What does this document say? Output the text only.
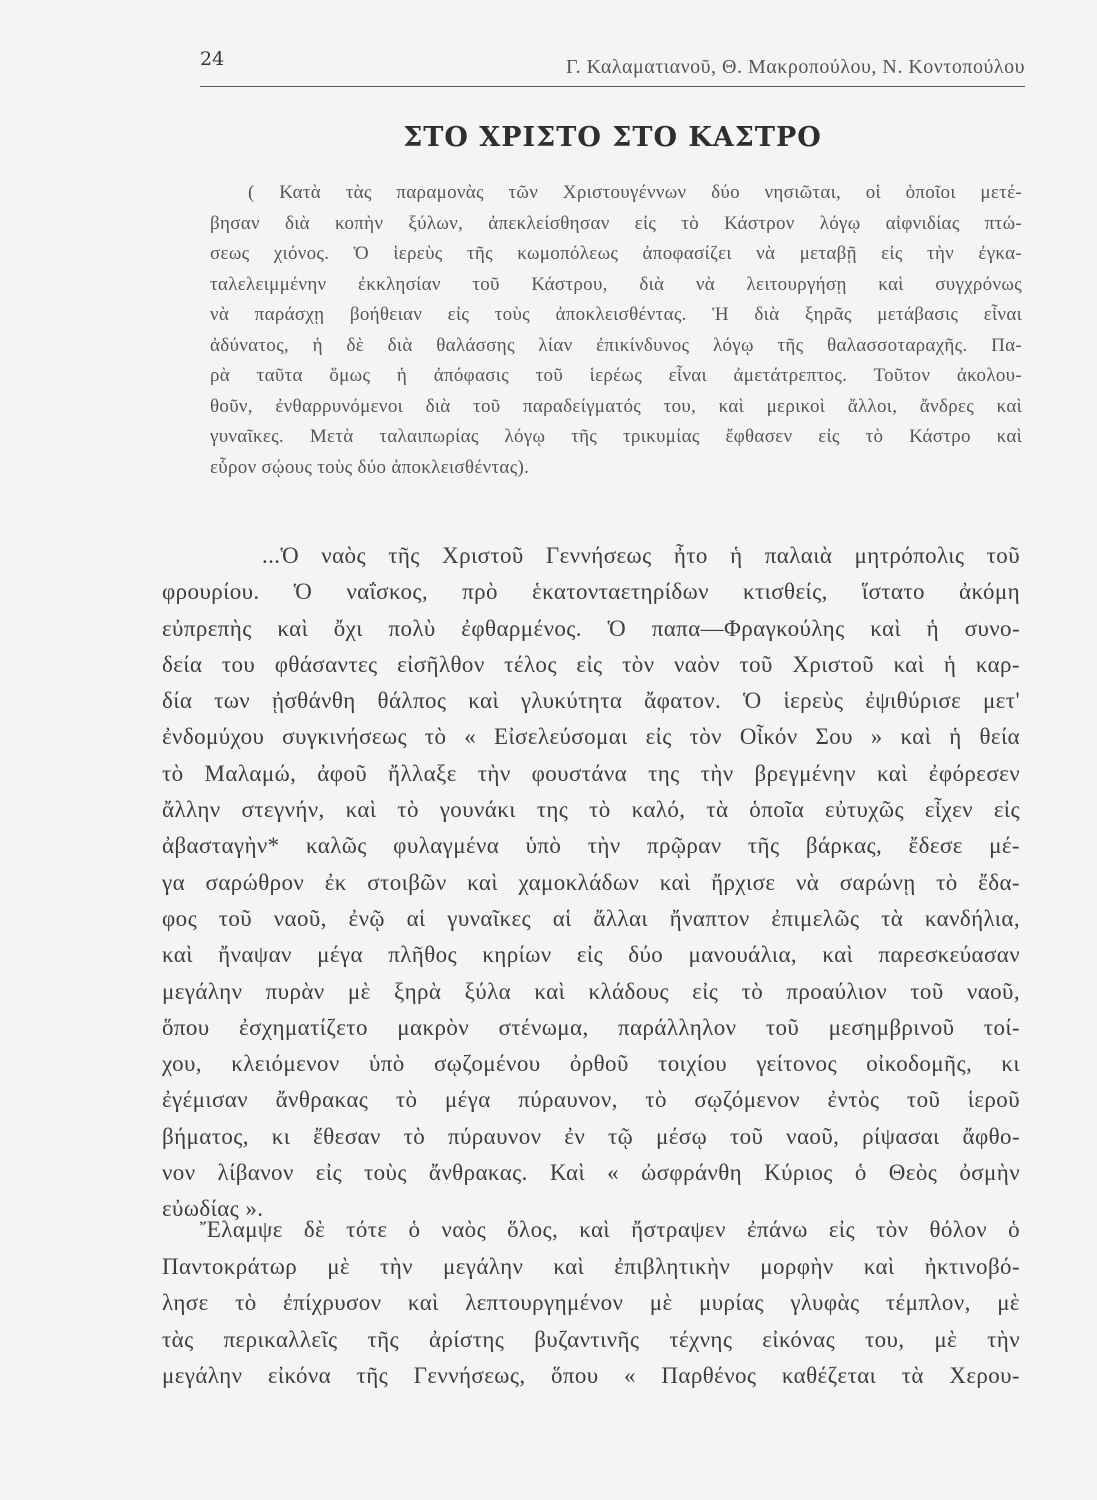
24	Γ. Καλαματιανοῦ, Θ. Μακροπούλου, Ν. Κοντοπούλου
ΣΤΟ ΧΡΙΣΤΟ ΣΤΟ ΚΑΣΤΡΟ
( Κατὰ τὰς παραμονὰς τῶν Χριστουγέννων δύο νησιῶται, οἱ ὁποῖοι μετέ-
βησαν διὰ κοπὴν ξύλων, ἀπεκλείσθησαν εἰς τὸ Κάστρον λόγῳ αἰφνιδίας πτώ-
σεως χιόνος. Ὁ ἱερεὺς τῆς κωμοπόλεως ἀποφασίζει νὰ μεταβῇ εἰς τὴν ἐγκα-
ταλελειμμένην ἐκκλησίαν τοῦ Κάστρου, διὰ νὰ λειτουργήσῃ καὶ συγχρόνως
νὰ παράσχῃ βοήθειαν εἰς τοὺς ἀποκλεισθέντας. Ἡ διὰ ξηρᾶς μετάβασις εἶναι
ἀδύνατος, ἡ δὲ διὰ θαλάσσης λίαν ἐπικίνδυνος λόγῳ τῆς θαλασσοταραχῆς. Πα-
ρὰ ταῦτα ὅμως ἡ ἀπόφασις τοῦ ἱερέως εἶναι ἀμετάτρεπτος. Τοῦτον ἀκολου-
θοῦν, ἐνθαρρυνόμενοι διὰ τοῦ παραδείγματός του, καὶ μερικοὶ ἄλλοι, ἄνδρες καὶ
γυναῖκες. Μετὰ ταλαιπωρίας λόγῳ τῆς τρικυμίας ἔφθασεν εἰς τὸ Κάστρο καὶ
εὗρον σῴους τοὺς δύο ἀποκλεισθέντας).
...Ὁ ναὸς τῆς Χριστοῦ Γεννήσεως ἦτο ἡ παλαιὰ μητρόπολις τοῦ
φρουρίου. Ὁ ναΐσκος, πρὸ ἑκατονταετηρίδων κτισθείς, ἵστατο ἀκόμη
εὐπρεπὴς καὶ ὄχι πολὺ ἐφθαρμένος. Ὁ παπα—Φραγκούλης καὶ ἡ συνο-
δεία του φθάσαντες εἰσῆλθον τέλος εἰς τὸν ναὸν τοῦ Χριστοῦ καὶ ἡ καρ-
δία των ᾐσθάνθη θάλπος καὶ γλυκύτητα ἄφατον. Ὁ ἱερεὺς ἐψιθύρισε μετ'
ἐνδομύχου συγκινήσεως τὸ « Εἰσελεύσομαι εἰς τὸν Οἶκόν Σου » καὶ ἡ θεία
τὸ Μαλαμώ, ἀφοῦ ἤλλαξε τὴν φουστάνα της τὴν βρεγμένην καὶ ἐφόρεσεν
ἄλλην στεγνήν, καὶ τὸ γουνάκι της τὸ καλό, τὰ ὁποῖα εὐτυχῶς εἶχεν εἰς
ἀβασταγὴν* καλῶς φυλαγμένα ὑπὸ τὴν πρῷραν τῆς βάρκας, ἔδεσε μέ-
γα σαρώθρον ἐκ στοιβῶν καὶ χαμοκλάδων καὶ ἤρχισε νὰ σαρώνῃ τὸ ἔδα-
φος τοῦ ναοῦ, ἐνῷ αἱ γυναῖκες αἱ ἄλλαι ἤναπτον ἐπιμελῶς τὰ κανδήλια,
καὶ ἤναψαν μέγα πλῆθος κηρίων εἰς δύο μανουάλια, καὶ παρεσκεύασαν
μεγάλην πυρὰν μὲ ξηρὰ ξύλα καὶ κλάδους εἰς τὸ προαύλιον τοῦ ναοῦ,
ὅπου ἐσχηματίζετο μακρὸν στένωμα, παράλληλον τοῦ μεσημβρινοῦ τοί-
χου, κλειόμενον ὑπὸ σῳζομένου ὀρθοῦ τοιχίου γείτονος οἰκοδομῆς, κι
ἐγέμισαν ἄνθρακας τὸ μέγα πύραυνον, τὸ σῳζόμενον ἐντὸς τοῦ ἱεροῦ
βήματος, κι ἔθεσαν τὸ πύραυνον ἐν τῷ μέσῳ τοῦ ναοῦ, ρίψασαι ἄφθο-
νον λίβανον εἰς τοὺς ἄνθρακας. Καὶ « ὠσφράνθη Κύριος ὁ Θεὸς ὀσμὴν
εὐωδίας ».
Ἔλαμψε δὲ τότε ὁ ναὸς ὅλος, καὶ ἤστραψεν ἐπάνω εἰς τὸν θόλον ὁ
Παντοκράτωρ μὲ τὴν μεγάλην καὶ ἐπιβλητικὴν μορφὴν καὶ ἠκτινοβό-
λησε τὸ ἐπίχρυσον καὶ λεπτουργημένον μὲ μυρίας γλυφὰς τέμπλον, μὲ
τὰς περικαλλεῖς τῆς ἀρίστης βυζαντινῆς τέχνης εἰκόνας του, μὲ τὴν
μεγάλην εἰκόνα τῆς Γεννήσεως, ὅπου « Παρθένος καθέζεται τὰ Χερου-
